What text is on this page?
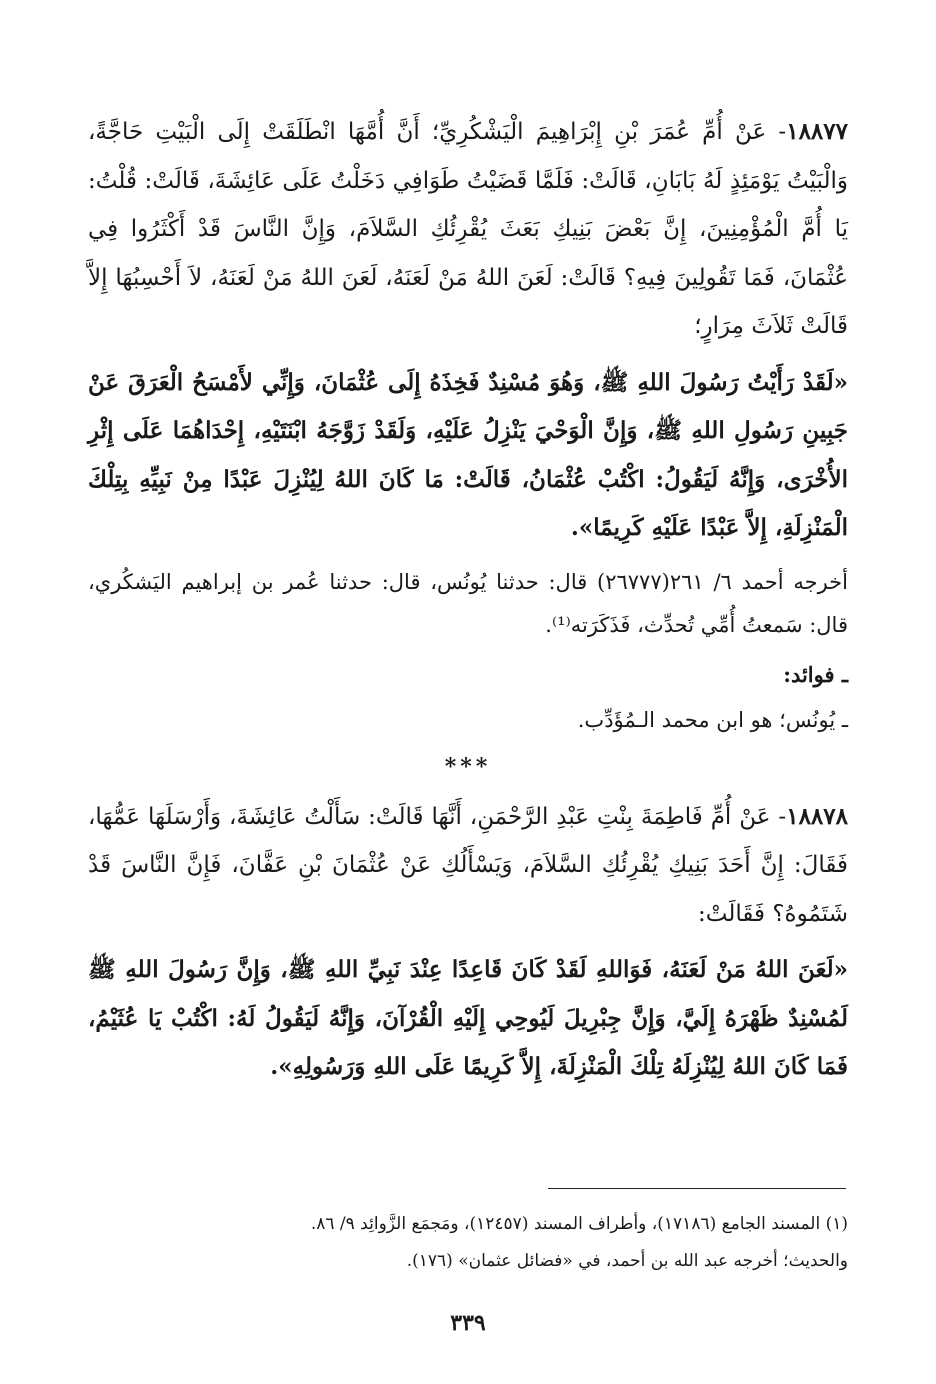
١٨٨٧٧- عَنْ أُمِّ عُمَرَ بْنِ إِبْرَاهِيمَ الْيَشْكُرِيِّ؛ أَنَّ أُمَّهَا انْطَلَقَتْ إِلَى الْبَيْتِ حَاجَّةً، وَالْبَيْتُ يَوْمَئِذٍ لَهُ بَابَانِ، قَالَتْ: فَلَمَّا قَضَيْتُ طَوَافِي دَخَلْتُ عَلَى عَائِشَةَ، قَالَتْ: قُلْتُ: يَا أُمَّ الْمُؤْمِنِينَ، إِنَّ بَعْضَ بَنِيكِ بَعَثَ يُقْرِئُكِ السَّلاَمَ، وَإِنَّ النَّاسَ قَدْ أَكْثَرُوا فِي عُثْمَانَ، فَمَا تَقُولِينَ فِيهِ؟ قَالَتْ: لَعَنَ اللهُ مَنْ لَعَنَهُ، لَعَنَ اللهُ مَنْ لَعَنَهُ، لاَ أَحْسِبُهَا إِلاَّ قَالَتْ ثَلاَثَ مِرَارٍ؛

«لَقَدْ رَأَيْتُ رَسُولَ اللهِ ﷺ، وَهُوَ مُسْنِدٌ فَخِذَهُ إِلَى عُثْمَانَ، وَإِنِّي لأَمْسَحُ الْعَرَقَ عَنْ جَبِينِ رَسُولِ اللهِ ﷺ، وَإِنَّ الْوَحْيَ يَنْزِلُ عَلَيْهِ، وَلَقَدْ زَوَّجَهُ ابْنَتَيْهِ، إِحْدَاهُمَا عَلَى إِثْرِ الأُخْرَى، وَإِنَّهُ لَيَقُولُ: اكْتُبْ عُثْمَانُ، قَالَتْ: مَا كَانَ اللهُ لِيُنْزِلَ عَبْدًا مِنْ نَبِيِّهِ بِتِلْكَ الْمَنْزِلَةِ، إِلاَّ عَبْدًا عَلَيْهِ كَرِيمًا».

أخرجه أحمد ٦/ ٢٦١(٢٦٧٧٧) قال: حدثنا يُونُس، قال: حدثنا عُمر بن إبراهيم اليَشكُري، قال: سَمعتُ أُمِّي تُحدِّث، فَذَكَرَته⁽¹⁾.

ـ فوائد:

ـ يُونُس؛ هو ابن محمد الـمُؤَدِّب.

***

١٨٨٧٨- عَنْ أُمِّ فَاطِمَةَ بِنْتِ عَبْدِ الرَّحْمَنِ، أَنَّهَا قَالَتْ: سَأَلْتُ عَائِشَةَ، وَأَرْسَلَهَا عَمُّهَا، فَقَالَ: إِنَّ أَحَدَ بَنِيكِ يُقْرِئُكِ السَّلاَمَ، وَيَسْأَلُكِ عَنْ عُثْمَانَ بْنِ عَفَّانَ، فَإِنَّ النَّاسَ قَدْ شَتَمُوهُ؟ فَقَالَتْ:

«لَعَنَ اللهُ مَنْ لَعَنَهُ، فَوَاللهِ لَقَدْ كَانَ قَاعِدًا عِنْدَ نَبِيِّ اللهِ ﷺ، وَإِنَّ رَسُولَ اللهِ ﷺ لَمُسْنِدٌ ظَهْرَهُ إِلَيَّ، وَإِنَّ جِبْرِيلَ لَيُوحِي إِلَيْهِ الْقُرْآنَ، وَإِنَّهُ لَيَقُولُ لَهُ: اكْتُبْ يَا عُثَيْمُ، فَمَا كَانَ اللهُ لِيُنْزِلَهُ تِلْكَ الْمَنْزِلَةَ، إِلاَّ كَرِيمًا عَلَى اللهِ وَرَسُولِهِ».

(١) المسند الجامع (١٧١٨٦)، وأطراف المسند (١٢٤٥٧)، ومَجمَع الزَّوائِد ٩/ ٨٦.

والحديث؛ أخرجه عبد الله بن أحمد، في «فضائل عثمان» (١٧٦).

٣٣٩
